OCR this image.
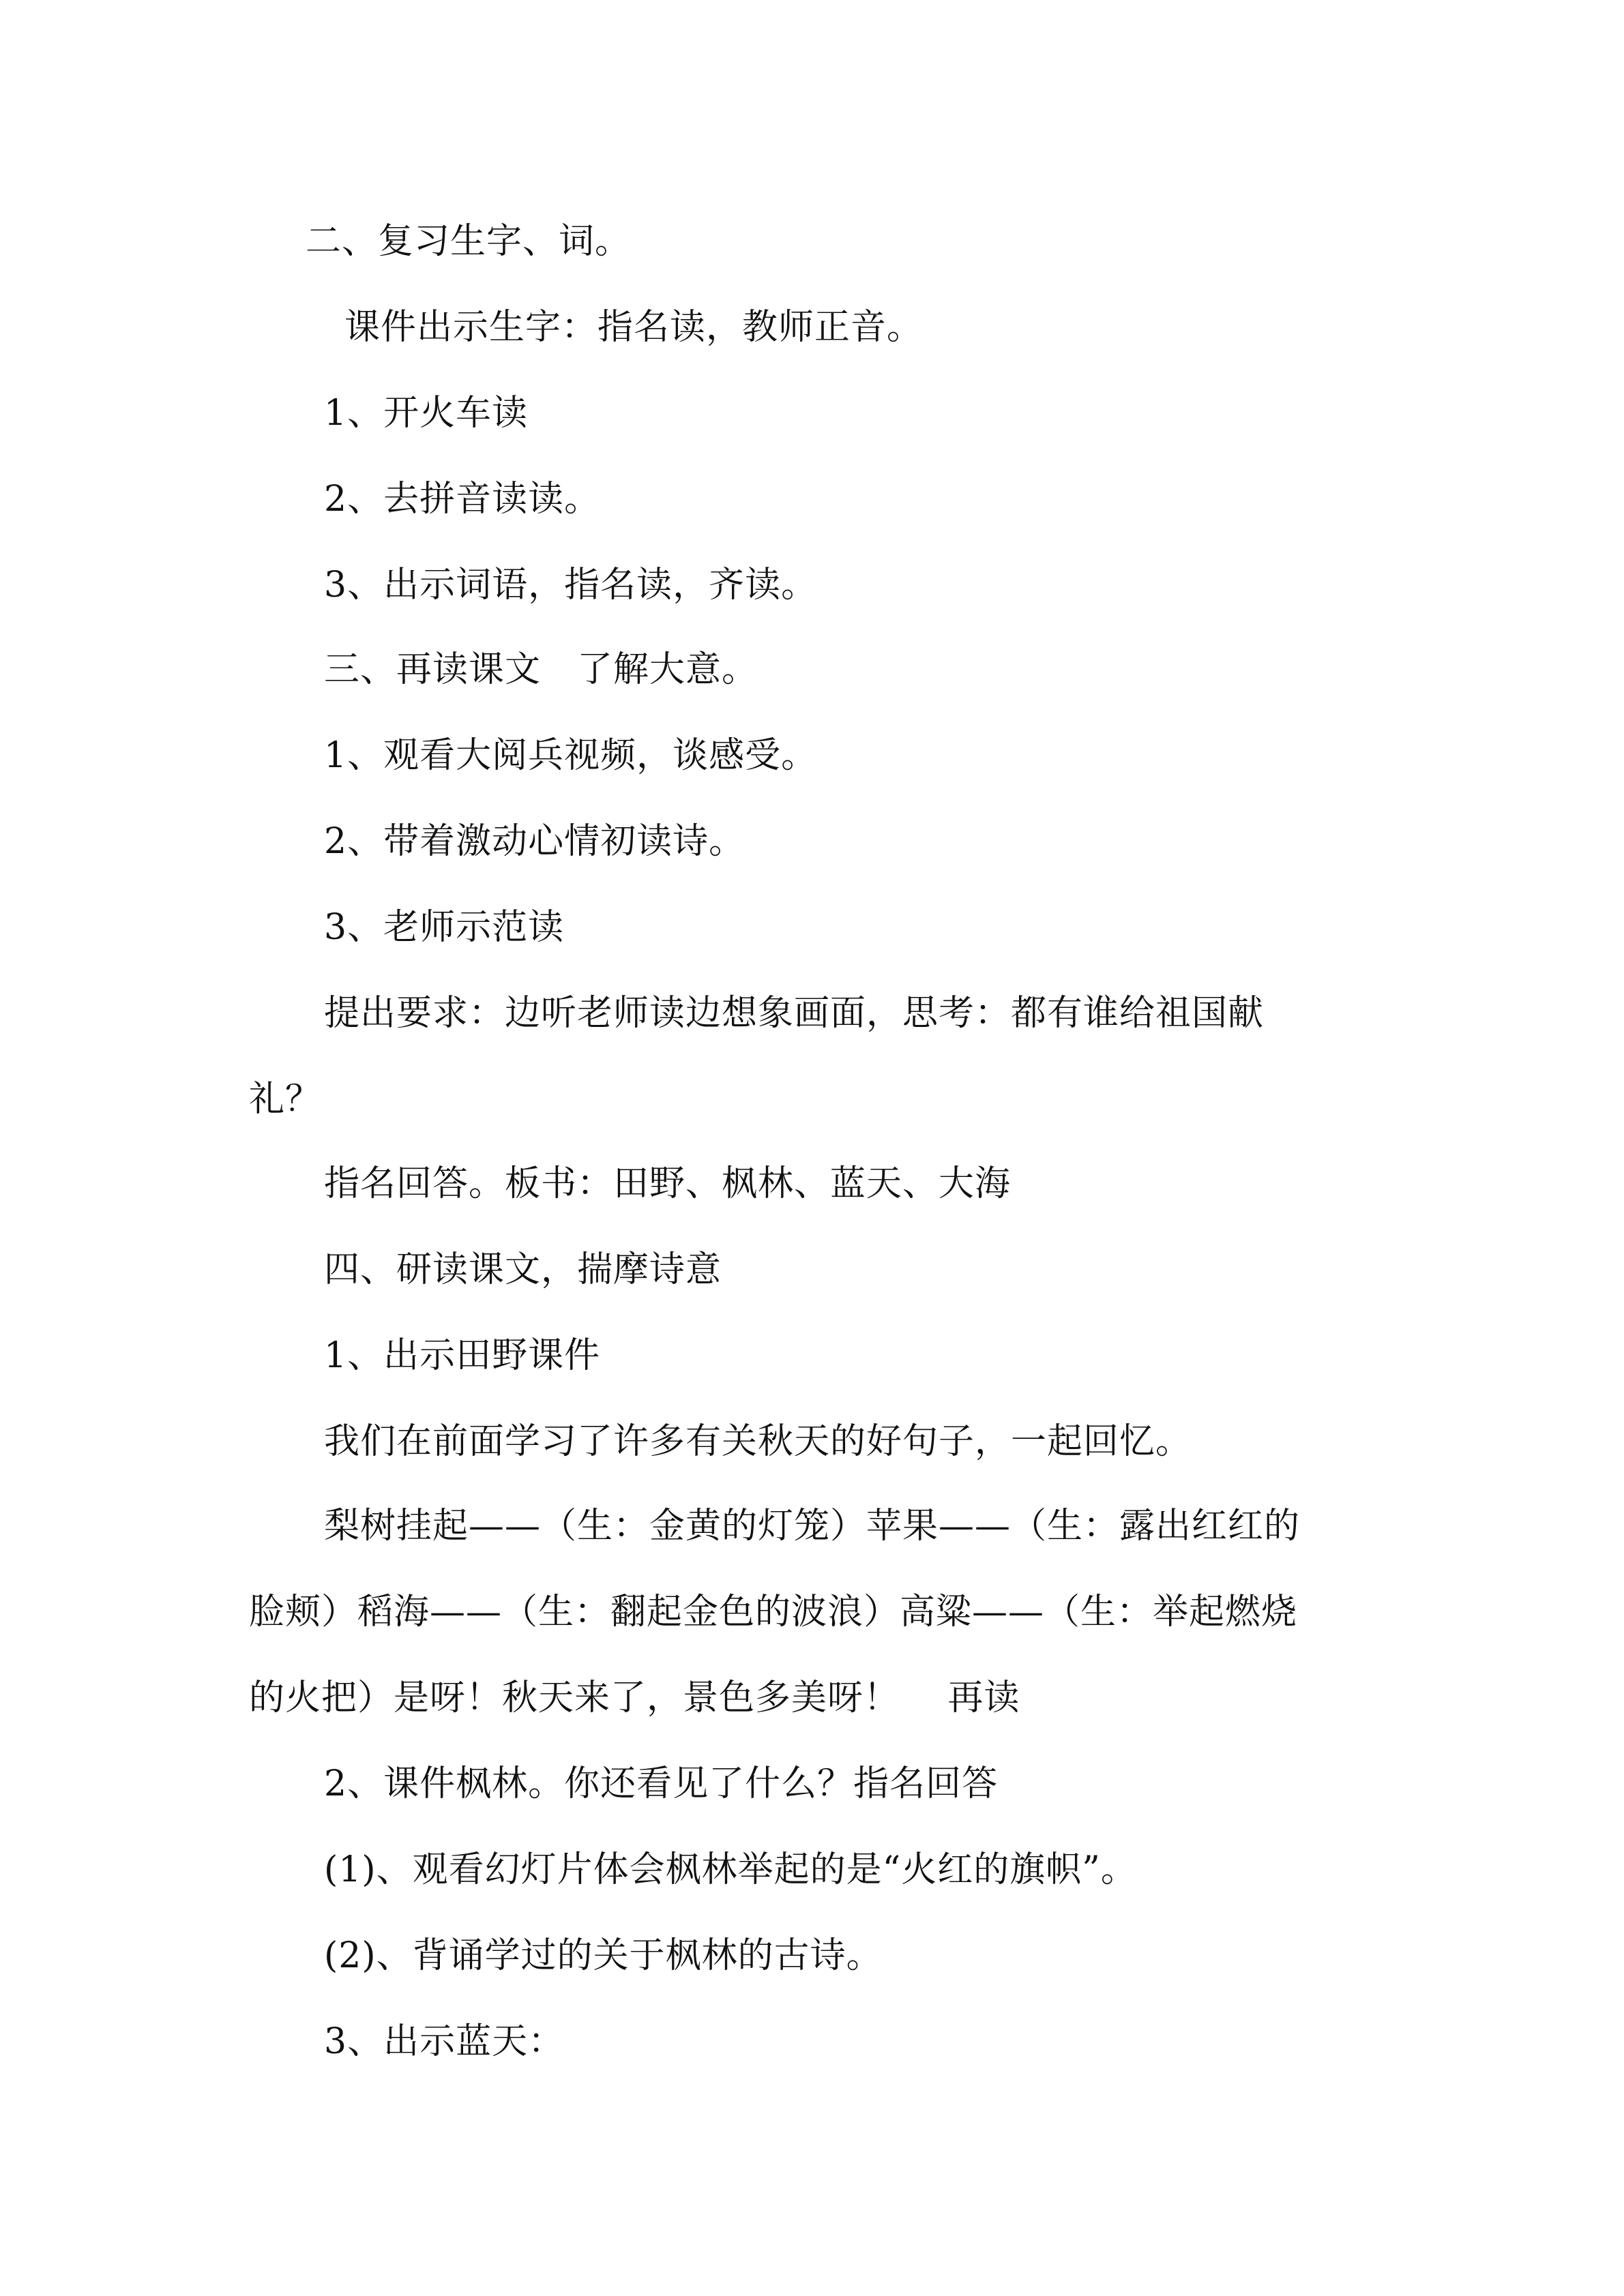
二、复习生字、词。
课件出示生字：指名读，教师正音。
1、开火车读
2、去拼音读读。
3、出示词语，指名读，齐读。
三、再读课文　了解大意。
1、观看大阅兵视频，谈感受。
2、带着激动心情初读诗。
3、老师示范读
提出要求：边听老师读边想象画面，思考：都有谁给祖国献
礼？
指名回答。板书：田野、枫林、蓝天、大海
四、研读课文，揣摩诗意
1、出示田野课件
我们在前面学习了许多有关秋天的好句子，一起回忆。
梨树挂起——（生：金黄的灯笼）苹果——（生：露出红红的
脸颊）稻海——（生：翻起金色的波浪）高粱——（生：举起燃烧
的火把）是呀！秋天来了，景色多美呀！　 再读
2、课件枫林。你还看见了什么？指名回答
(1)、观看幻灯片体会枫林举起的是“火红的旗帜”。
(2)、背诵学过的关于枫林的古诗。
3、出示蓝天：
